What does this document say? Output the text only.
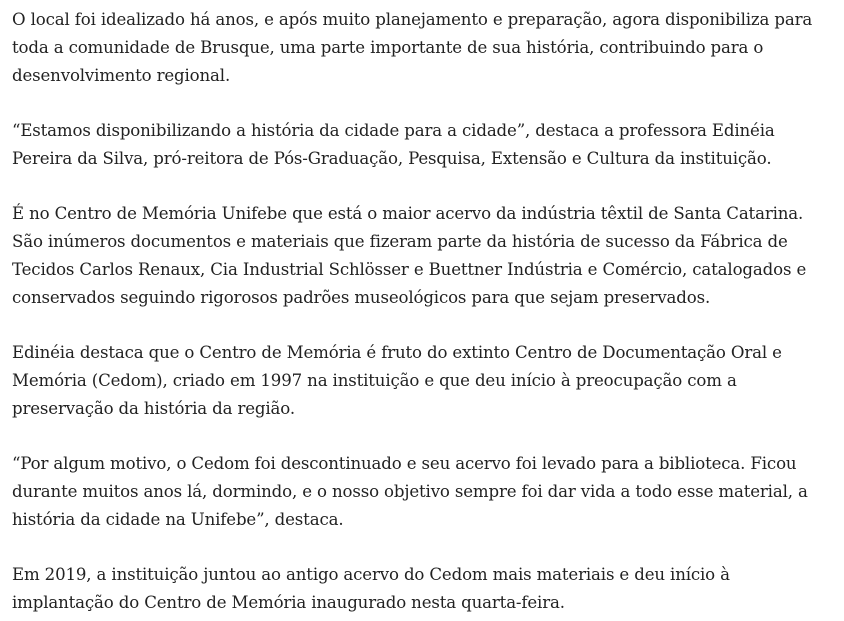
O local foi idealizado há anos, e após muito planejamento e preparação, agora disponibiliza para toda a comunidade de Brusque, uma parte importante de sua história, contribuindo para o desenvolvimento regional.

“Estamos disponibilizando a história da cidade para a cidade”, destaca a professora Edinéia Pereira da Silva, pró-reitora de Pós-Graduação, Pesquisa, Extensão e Cultura da instituição.

É no Centro de Memória Unifebe que está o maior acervo da indústria têxtil de Santa Catarina. São inúmeros documentos e materiais que fizeram parte da história de sucesso da Fábrica de Tecidos Carlos Renaux, Cia Industrial Schlösser e Buettner Indústria e Comércio, catalogados e conservados seguindo rigorosos padrões museológicos para que sejam preservados.

Edinéia destaca que o Centro de Memória é fruto do extinto Centro de Documentação Oral e Memória (Cedom), criado em 1997 na instituição e que deu início à preocupação com a preservação da história da região.

“Por algum motivo, o Cedom foi descontinuado e seu acervo foi levado para a biblioteca. Ficou durante muitos anos lá, dormindo, e o nosso objetivo sempre foi dar vida a todo esse material, a história da cidade na Unifebe”, destaca.

Em 2019, a instituição juntou ao antigo acervo do Cedom mais materiais e deu início à implantação do Centro de Memória inaugurado nesta quarta-feira.
